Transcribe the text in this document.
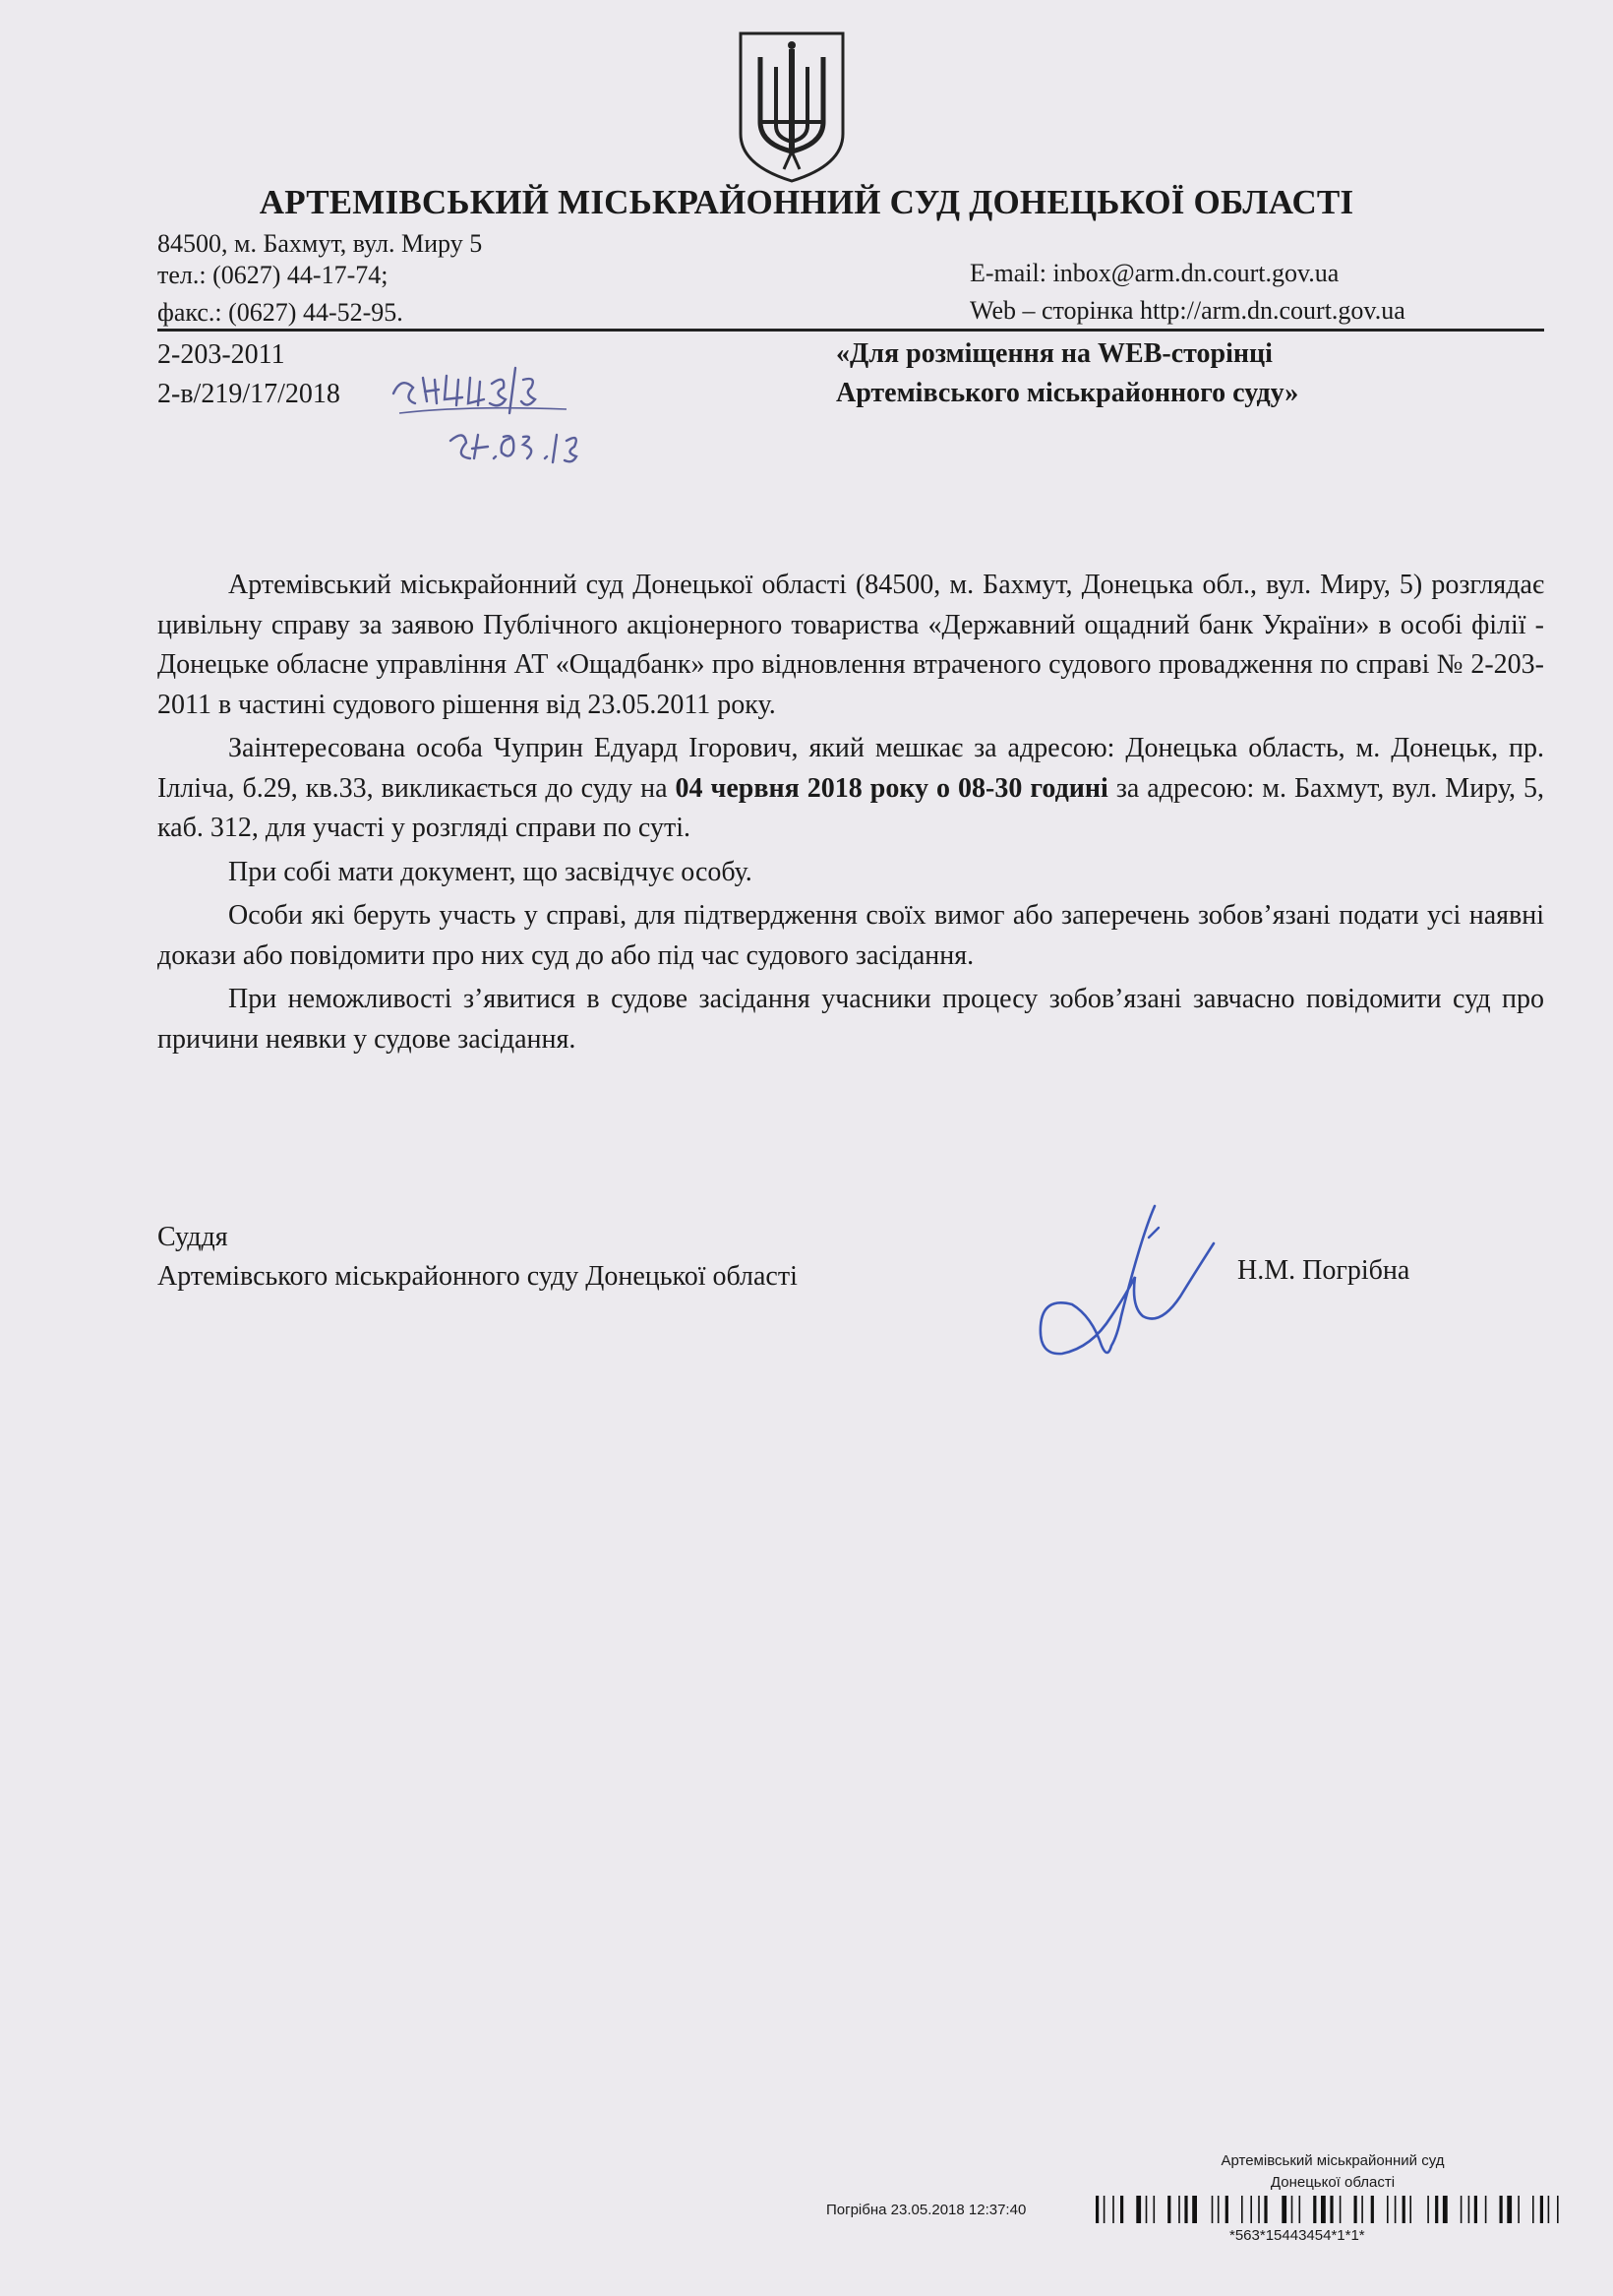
АРТЕМІВСЬКИЙ МІСЬКРАЙОННИЙ СУД ДОНЕЦЬКОЇ ОБЛАСТІ
84500, м. Бахмут, вул. Миру 5
тел.: (0627) 44-17-74;
факс.: (0627) 44-52-95.
E-mail: inbox@arm.dn.court.gov.ua
Web – сторінка http://arm.dn.court.gov.ua
2-203-2011
2-в/219/17/2018
«Для розміщення на WEB-сторінці
Артемівського міськрайонного суду»

Артемівський міськрайонний суд Донецької області (84500, м. Бахмут, Донецька обл., вул. Миру, 5) розглядає цивільну справу за заявою Публічного акціонерного товариства «Державний ощадний банк України» в особі філії - Донецьке обласне управління АТ «Ощадбанк» про відновлення втраченого судового провадження по справі № 2-203-2011 в частині судового рішення від 23.05.2011 року.

Заінтересована особа Чуприн Едуард Ігорович, який мешкає за адресою: Донецька область, м. Донецьк, пр. Ілліча, б.29, кв.33, викликається до суду на 04 червня 2018 року о 08-30 годині за адресою: м. Бахмут, вул. Миру, 5, каб. 312, для участі у розгляді справи по суті.

При собі мати документ, що засвідчує особу.

Особи які беруть участь у справі, для підтвердження своїх вимог або заперечень зобов’язані подати усі наявні докази або повідомити про них суд до або під час судового засідання.

При неможливості з’явитися в судове засідання учасники процесу зобов’язані завчасно повідомити суд про причини неявки у судове засідання.

Суддя
Артемівського міськрайонного суду Донецької області	Н.М. Погрібна
Артемівський міськрайонний суд
Донецької області
Погрібна 23.05.2018 12:37:40
*563*15443454*1*1*
